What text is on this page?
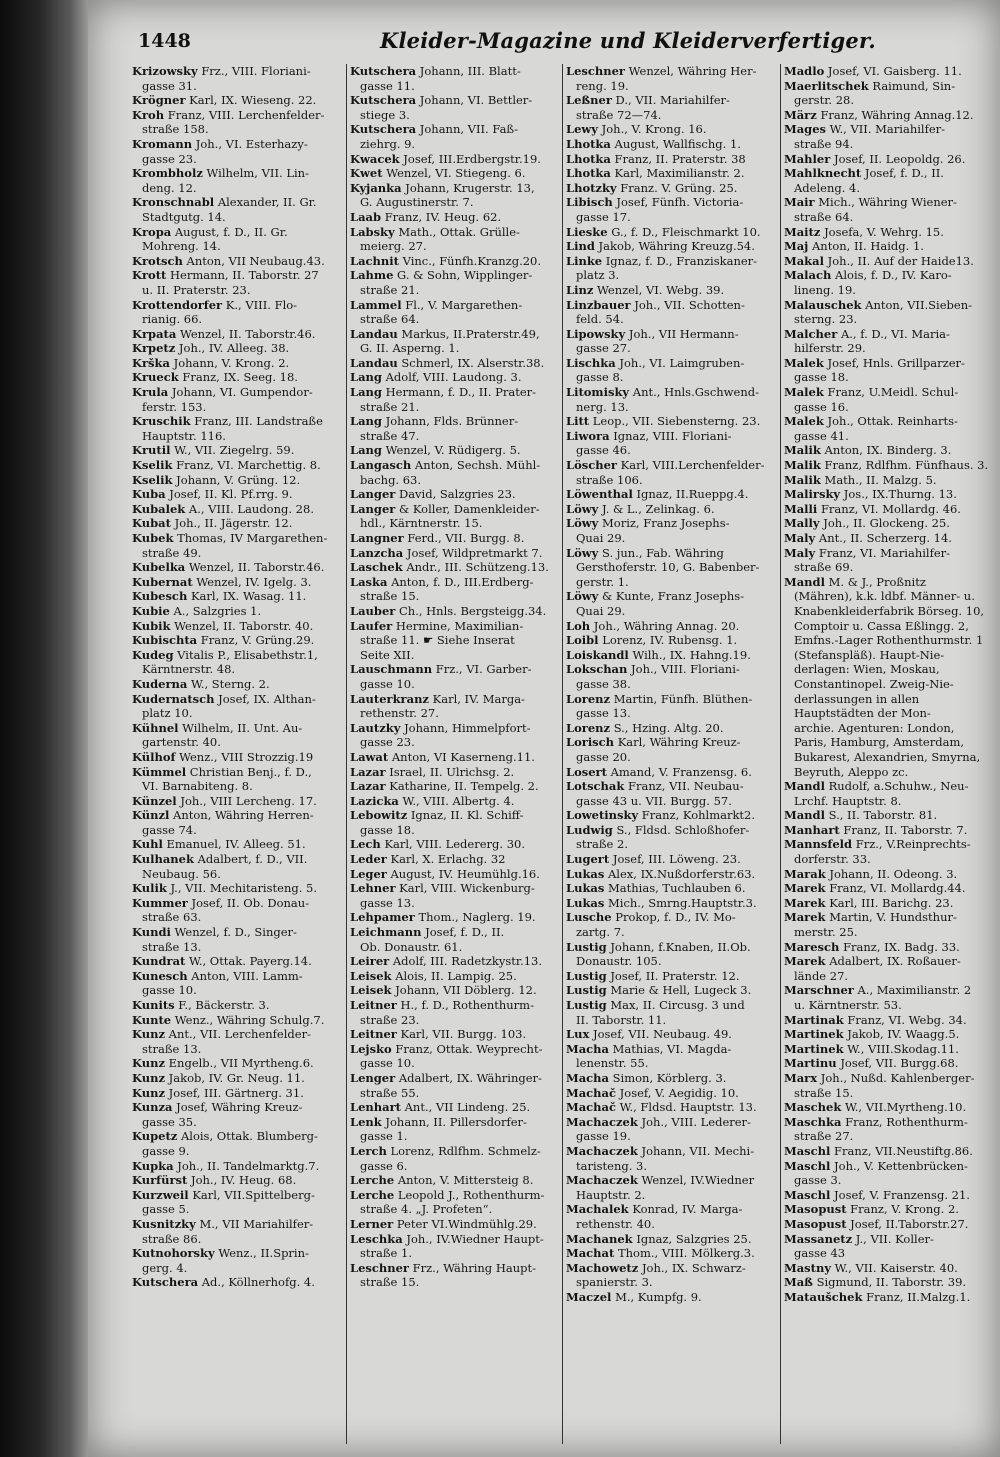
1448	Kleider-Magazine und Kleiderverfertiger.
Krizowsky Frz., VIII. Floriani-
gasse 31.
Krögner Karl, IX. Wieseng. 22.
Kroh Franz, VIII. Lerchenfelder-
straße 158.
Kromann Joh., VI. Esterhazy-
gasse 23.
Krombholz Wilhelm, VII. Lin-
deng. 12.
Kronschnabl Alexander, II. Gr.
Stadtgutg. 14.
Kropa August, f. D., II. Gr.
Mohreng. 14.
Krotsch Anton, VII Neubaug.43.
Krott Hermann, II. Taborstr. 27
u. II. Praterstr. 23.
Krottendorfer K., VIII. Flo-
rianig. 66.
Krpata Wenzel, II. Taborstr.46.
Krpetz Joh., IV. Alleeg. 38.
Krška Johann, V. Krong. 2.
Krueck Franz, IX. Seeg. 18.
Krula Johann, VI. Gumpendor-
ferstr. 153.
Kruschik Franz, III. Landstraße
Hauptstr. 116.
Krutil W., VII. Ziegelrg. 59.
Kselik Franz, VI. Marchettig. 8.
Kselik Johann, V. Grüng. 12.
Kuba Josef, II. Kl. Pf.rrg. 9.
Kubalek A., VIII. Laudong. 28.
Kubat Joh., II. Jägerstr. 12.
Kubek Thomas, IV Margarethen-
straße 49.
Kubelka Wenzel, II. Taborstr.46.
Kubernat Wenzel, IV. Igelg. 3.
Kubesch Karl, IX. Wasag. 11.
Kubie A., Salzgries 1.
Kubik Wenzel, II. Taborstr. 40.
Kubischta Franz, V. Grüng.29.
Kudeg Vitalis P., Elisabethstr.1,
Kärntnerstr. 48.
Kuderna W., Sterng. 2.
Kudernatsch Josef, IX. Althan-
platz 10.
Kühnel Wilhelm, II. Unt. Au-
gartenstr. 40.
Külhof Wenz., VIII Strozzig.19
Kümmel Christian Benj., f. D.,
VI. Barnabiteng. 8.
Künzel Joh., VIII Lercheng. 17.
Künzl Anton, Währing Herren-
gasse 74.
Kuhl Emanuel, IV. Alleeg. 51.
Kulhanek Adalbert, f. D., VII.
Neubaug. 56.
Kulik J., VII. Mechitaristeng. 5.
Kummer Josef, II. Ob. Donau-
straße 63.
Kundi Wenzel, f. D., Singer-
straße 13.
Kundrat W., Ottak. Payerg.14.
Kunesch Anton, VIII. Lamm-
gasse 10.
Kunits F., Bäckerstr. 3.
Kunte Wenz., Währing Schulg.7.
Kunz Ant., VII. Lerchenfelder-
straße 13.
Kunz Engelb., VII Myrtheng.6.
Kunz Jakob, IV. Gr. Neug. 11.
Kunz Josef, III. Gärtnerg. 31.
Kunza Josef, Währing Kreuz-
gasse 35.
Kupetz Alois, Ottak. Blumberg-
gasse 9.
Kupka Joh., II. Tandelmarktg.7.
Kurfürst Joh., IV. Heug. 68.
Kurzweil Karl, VII.Spittelberg-
gasse 5.
Kusnitzky M., VII Mariahilfer-
straße 86.
Kutnohorsky Wenz., II.Sprin-
gerg. 4.
Kutschera Ad., Köllnerhofg. 4.
Kutschera Johann, III. Blatt-
gasse 11.
Kutschera Johann, VI. Bettler-
stiege 3.
Kutschera Johann, VII. Faß-
ziehrg. 9.
Kwacek Josef, III.Erdbergstr.19.
Kwet Wenzel, VI. Stiegeng. 6.
Kyjanka Johann, Krugerstr. 13,
G. Augustinerstr. 7.
Laab Franz, IV. Heug. 62.
Labsky Math., Ottak. Grülle-
meierg. 27.
Lachnit Vinc., Fünfh.Kranzg.20.
Lahme G. & Sohn, Wipplinger-
straße 21.
Lammel Fl., V. Margarethen-
straße 64.
Landau Markus, II.Praterstr.49,
G. II. Asperng. 1.
Landau Schmerl, IX. Alserstr.38.
Lang Adolf, VIII. Laudong. 3.
Lang Hermann, f. D., II. Prater-
straße 21.
Lang Johann, Flds. Brünner-
straße 47.
Lang Wenzel, V. Rüdigerg. 5.
Langasch Anton, Sechsh. Mühl-
bachg. 63.
Langer David, Salzgries 23.
Langer & Koller, Damenkleider-
hdl., Kärntnerstr. 15.
Langner Ferd., VII. Burgg. 8.
Lanzcha Josef, Wildpretmarkt 7.
Laschek Andr., III. Schützeng.13.
Laska Anton, f. D., III.Erdberg-
straße 15.
Lauber Ch., Hnls. Bergsteigg.34.
Laufer Hermine, Maximilian-
straße 11. ☛ Siehe Inserat
Seite XII.
Lauschmann Frz., VI. Garber-
gasse 10.
Lauterkranz Karl, IV. Marga-
rethenstr. 27.
Lautzky Johann, Himmelpfort-
gasse 23.
Lawat Anton, VI Kaserneng.11.
Lazar Israel, II. Ulrichsg. 2.
Lazar Katharine, II. Tempelg. 2.
Lazicka W., VIII. Albertg. 4.
Lebowitz Ignaz, II. Kl. Schiff-
gasse 18.
Lech Karl, VIII. Ledererg. 30.
Leder Karl, X. Erlachg. 32
Leger August, IV. Heumühlg.16.
Lehner Karl, VIII. Wickenburg-
gasse 13.
Lehpamer Thom., Naglerg. 19.
Leichmann Josef, f. D., II.
Ob. Donaustr. 61.
Leirer Adolf, III. Radetzkystr.13.
Leisek Alois, II. Lampig. 25.
Leisek Johann, VII Döblerg. 12.
Leitner H., f. D., Rothenthurm-
straße 23.
Leitner Karl, VII. Burgg. 103.
Lejsko Franz, Ottak. Weyprecht-
gasse 10.
Lenger Adalbert, IX. Währinger-
straße 55.
Lenhart Ant., VII Lindeng. 25.
Lenk Johann, II. Pillersdorfer-
gasse 1.
Lerch Lorenz, Rdlfhm. Schmelz-
gasse 6.
Lerche Anton, V. Mittersteig 8.
Lerche Leopold J., Rothenthurm-
straße 4. „J. Profeten“.
Lerner Peter VI.Windmühlg.29.
Leschka Joh., IV.Wiedner Haupt-
straße 1.
Leschner Frz., Währing Haupt-
straße 15.
Leschner Wenzel, Währing Her-
reng. 19.
Leßner D., VII. Mariahilfer-
straße 72—74.
Lewy Joh., V. Krong. 16.
Lhotka August, Wallfischg. 1.
Lhotka Franz, II. Praterstr. 38
Lhotka Karl, Maximilianstr. 2.
Lhotzky Franz. V. Grüng. 25.
Libisch Josef, Fünfh. Victoria-
gasse 17.
Lieske G., f. D., Fleischmarkt 10.
Lind Jakob, Währing Kreuzg.54.
Linke Ignaz, f. D., Franziskaner-
platz 3.
Linz Wenzel, VI. Webg. 39.
Linzbauer Joh., VII. Schotten-
feld. 54.
Lipowsky Joh., VII Hermann-
gasse 27.
Lischka Joh., VI. Laimgruben-
gasse 8.
Litomisky Ant., Hnls.Gschwend-
nerg. 13.
Litt Leop., VII. Siebensterng. 23.
Liwora Ignaz, VIII. Floriani-
gasse 46.
Löscher Karl, VIII.Lerchenfelder-
straße 106.
Löwenthal Ignaz, II.Rueppg.4.
Löwy J. & L., Zelinkag. 6.
Löwy Moriz, Franz Josephs-
Quai 29.
Löwy S. jun., Fab. Währing
Gersthoferstr. 10, G. Babenber-
gerstr. 1.
Löwy & Kunte, Franz Josephs-
Quai 29.
Loh Joh., Währing Annag. 20.
Loibl Lorenz, IV. Rubensg. 1.
Loiskandl Wilh., IX. Hahng.19.
Lokschan Joh., VIII. Floriani-
gasse 38.
Lorenz Martin, Fünfh. Blüthen-
gasse 13.
Lorenz S., Hzing. Altg. 20.
Lorisch Karl, Währing Kreuz-
gasse 20.
Losert Amand, V. Franzensg. 6.
Lotschak Franz, VII. Neubau-
gasse 43 u. VII. Burgg. 57.
Lowetinsky Franz, Kohlmarkt2.
Ludwig S., Fldsd. Schloßhofer-
straße 2.
Lugert Josef, III. Löweng. 23.
Lukas Alex, IX.Nußdorferstr.63.
Lukas Mathias, Tuchlauben 6.
Lukas Mich., Smrng.Hauptstr.3.
Lusche Prokop, f. D., IV. Mo-
zartg. 7.
Lustig Johann, f.Knaben, II.Ob.
Donaustr. 105.
Lustig Josef, II. Praterstr. 12.
Lustig Marie & Hell, Lugeck 3.
Lustig Max, II. Circusg. 3 und
II. Taborstr. 11.
Lux Josef, VII. Neubaug. 49.
Macha Mathias, VI. Magda-
lenenstr. 55.
Macha Simon, Körblerg. 3.
Machač Josef, V. Aegidig. 10.
Machač W., Fldsd. Hauptstr. 13.
Machaczek Joh., VIII. Lederer-
gasse 19.
Machaczek Johann, VII. Mechi-
taristeng. 3.
Machaczek Wenzel, IV.Wiedner
Hauptstr. 2.
Machalek Konrad, IV. Marga-
rethenstr. 40.
Machanek Ignaz, Salzgries 25.
Machat Thom., VIII. Mölkerg.3.
Machowetz Joh., IX. Schwarz-
spanierstr. 3.
Maczel M., Kumpfg. 9.
Madlo Josef, VI. Gaisberg. 11.
Maerlitschek Raimund, Sin-
gerstr. 28.
März Franz, Währing Annag.12.
Mages W., VII. Mariahilfer-
straße 94.
Mahler Josef, II. Leopoldg. 26.
Mahlknecht Josef, f. D., II.
Adeleng. 4.
Mair Mich., Währing Wiener-
straße 64.
Maitz Josefa, V. Wehrg. 15.
Maj Anton, II. Haidg. 1.
Makal Joh., II. Auf der Haide13.
Malach Alois, f. D., IV. Karo-
lineng. 19.
Malauschek Anton, VII.Sieben-
sterng. 23.
Malcher A., f. D., VI. Maria-
hilferstr. 29.
Malek Josef, Hnls. Grillparzer-
gasse 18.
Malek Franz, U.Meidl. Schul-
gasse 16.
Malek Joh., Ottak. Reinharts-
gasse 41.
Malik Anton, IX. Binderg. 3.
Malik Franz, Rdlfhm. Fünfhaus. 3.
Malik Math., II. Malzg. 5.
Malirsky Jos., IX.Thurng. 13.
Malli Franz, VI. Mollardg. 46.
Mally Joh., II. Glockeng. 25.
Maly Ant., II. Scherzerg. 14.
Maly Franz, VI. Mariahilfer-
straße 69.
Mandl M. & J., Proßnitz
(Mähren), k.k. ldbf. Männer- u.
Knabenkleiderfabrik Börseg. 10,
Comptoir u. Cassa Eßlingg. 2,
Emfns.-Lager Rothenthurmstr. 1
(Stefanspläß). Haupt-Nie-
derlagen: Wien, Moskau,
Constantinopel. Zweig-Nie-
derlassungen in allen
Hauptstädten der Mon-
archie. Agenturen: London,
Paris, Hamburg, Amsterdam,
Bukarest, Alexandrien, Smyrna,
Beyruth, Aleppo zc.
Mandl Rudolf, a.Schuhw., Neu-
Lrchf. Hauptstr. 8.
Mandl S., II. Taborstr. 81.
Manhart Franz, II. Taborstr. 7.
Mannsfeld Frz., V.Reinprechts-
dorferstr. 33.
Marak Johann, II. Odeong. 3.
Marek Franz, VI. Mollardg.44.
Marek Karl, III. Barichg. 23.
Marek Martin, V. Hundsthur-
merstr. 25.
Maresch Franz, IX. Badg. 33.
Marek Adalbert, IX. Roßauer-
lände 27.
Marschner A., Maximilianstr. 2
u. Kärntnerstr. 53.
Martinak Franz, VI. Webg. 34.
Martinek Jakob, IV. Waagg.5.
Martinek W., VIII.Skodag.11.
Martinu Josef, VII. Burgg.68.
Marx Joh., Nußd. Kahlenberger-
straße 15.
Maschek W., VII.Myrtheng.10.
Maschka Franz, Rothenthurm-
straße 27.
Maschl Franz, VII.Neustiftg.86.
Maschl Joh., V. Kettenbrücken-
gasse 3.
Maschl Josef, V. Franzensg. 21.
Masopust Franz, V. Krong. 2.
Masopust Josef, II.Taborstr.27.
Massanetz J., VII. Koller-
gasse 43
Mastny W., VII. Kaiserstr. 40.
Maß Sigmund, II. Taborstr. 39.
Mataušchek Franz, II.Malzg.1.
